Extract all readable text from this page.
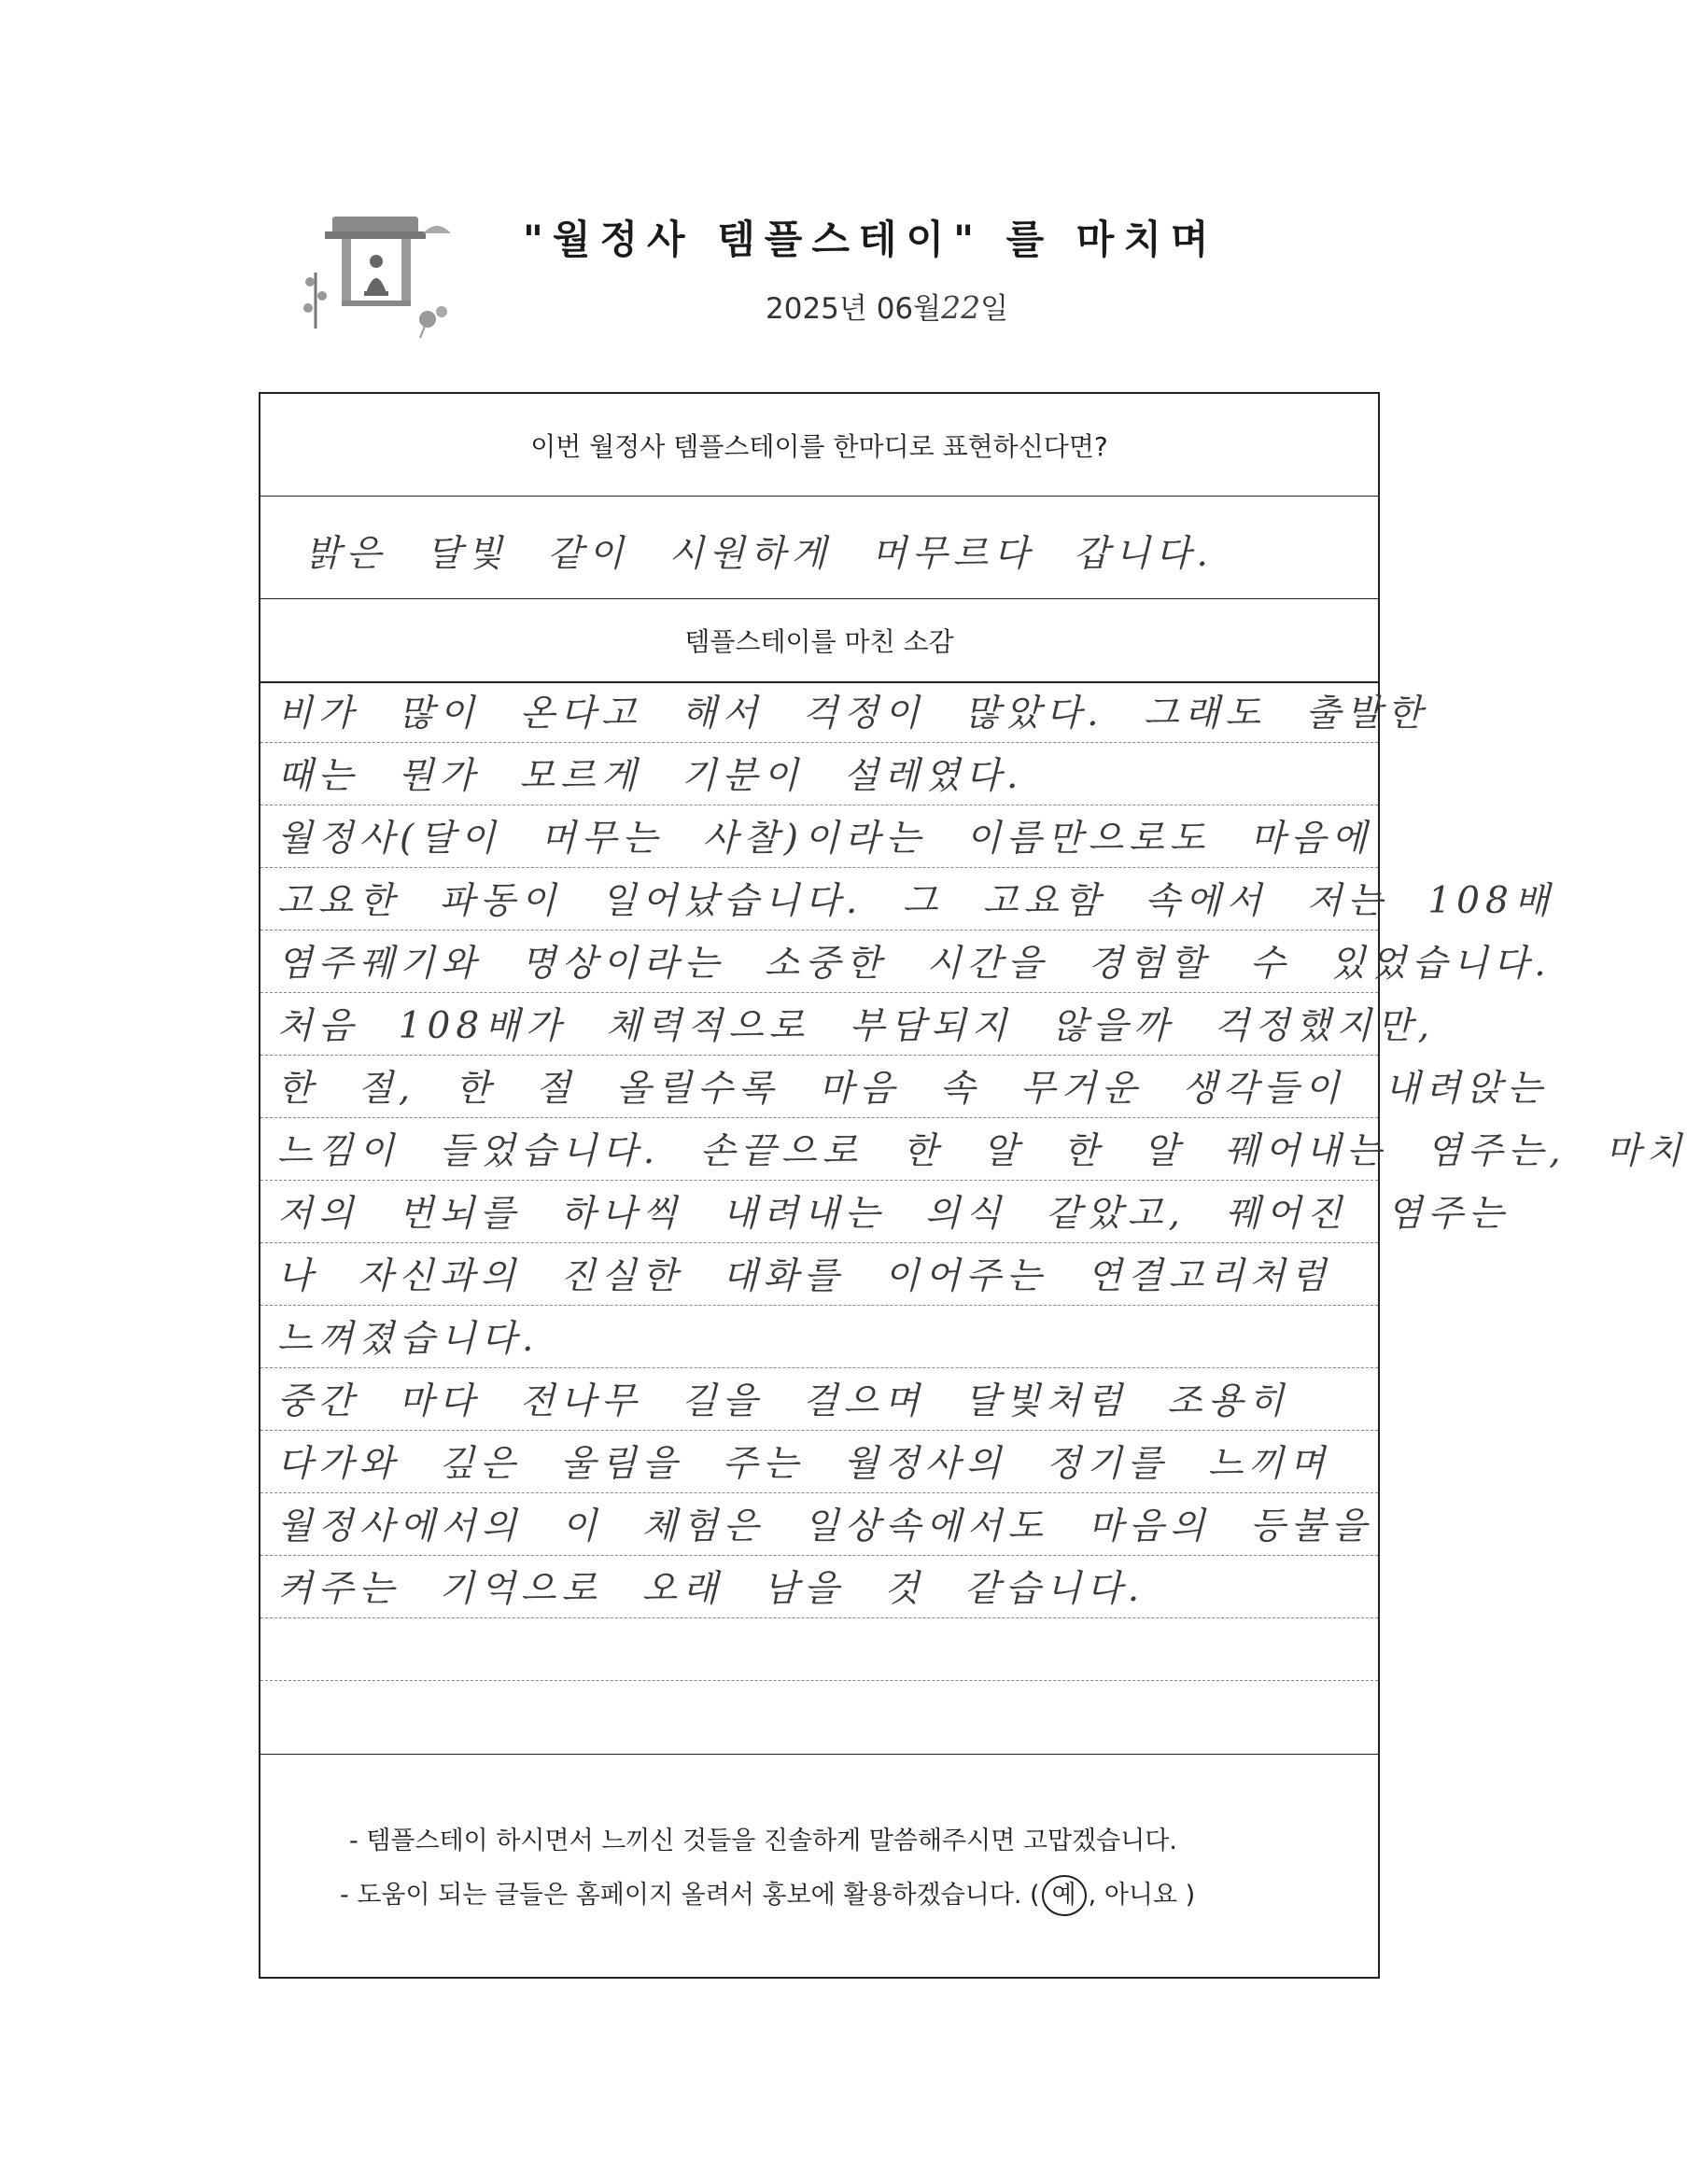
"월정사 템플스테이" 를 마치며
2025년 06월22일
이번 월정사 템플스테이를 한마디로 표현하신다면?
밝은 달빛 같이 시원하게 머무르다 갑니다.
템플스테이를 마친 소감
비가 많이 온다고 해서 걱정이 많았다. 그래도 출발한
때는 뭔가 모르게 기분이 설레였다.
월정사(달이 머무는 사찰)이라는 이름만으로도 마음에
고요한 파동이 일어났습니다. 그 고요함 속에서 저는 108배
염주꿰기와 명상이라는 소중한 시간을 경험할 수 있었습니다.
처음 108배가 체력적으로 부담되지 않을까 걱정했지만,
한 절, 한 절 올릴수록 마음 속 무거운 생각들이 내려앉는
느낌이 들었습니다. 손끝으로 한 알 한 알 꿰어내는 염주는, 마치
저의 번뇌를 하나씩 내려내는 의식 같았고, 꿰어진 염주는
나 자신과의 진실한 대화를 이어주는 연결고리처럼
느껴졌습니다.
중간 마다 전나무 길을 걸으며 달빛처럼 조용히
다가와 깊은 울림을 주는 월정사의 정기를 느끼며
월정사에서의 이 체험은 일상속에서도 마음의 등불을
켜주는 기억으로 오래 남을 것 같습니다.
- 템플스테이 하시면서 느끼신 것들을 진솔하게 말씀해주시면 고맙겠습니다.
- 도움이 되는 글들은 홈페이지 올려서 홍보에 활용하겠습니다. ( 예 , 아니요 )
